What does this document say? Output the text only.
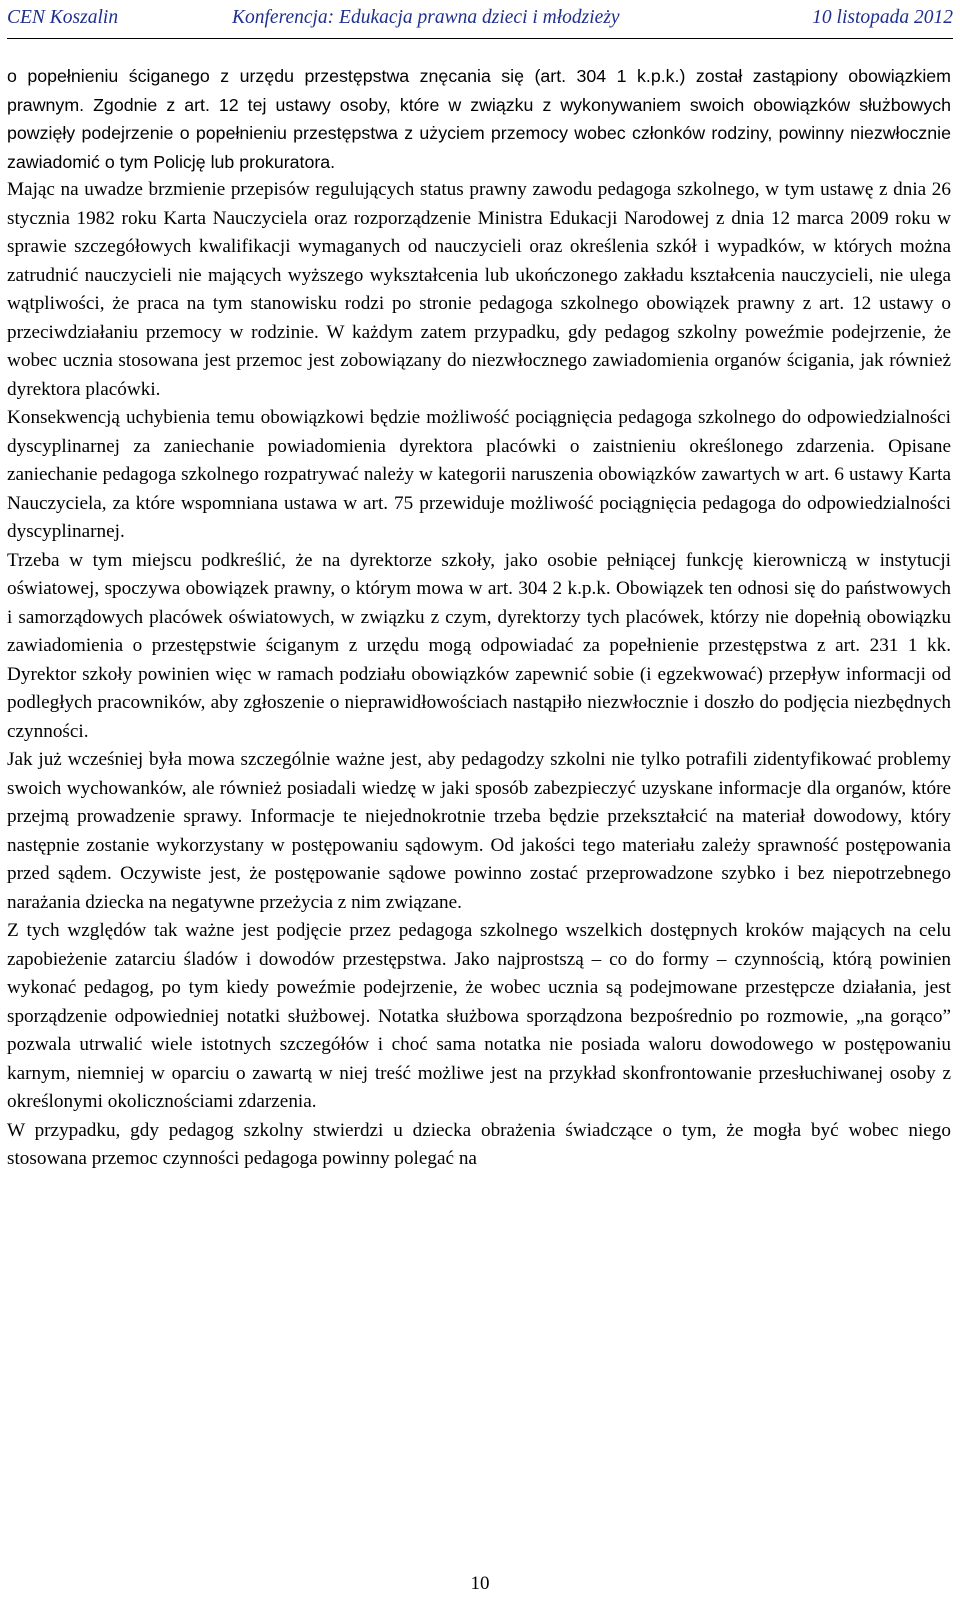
CEN Koszalin	Konferencja: Edukacja prawna dzieci i młodzieży	10 listopada 2012

o popełnieniu ściganego z urzędu przestępstwa znęcania się (art. 304 1 k.p.k.) został zastąpiony obowiązkiem prawnym. Zgodnie z art. 12 tej ustawy osoby, które w związku z wykonywaniem swoich obowiązków służbowych powzięły podejrzenie o popełnieniu przestępstwa z użyciem przemocy wobec członków rodziny, powinny niezwłocznie zawiadomić o tym Policję lub prokuratora.

Mając na uwadze brzmienie przepisów regulujących status prawny zawodu pedagoga szkolnego, w tym ustawę z dnia 26 stycznia 1982 roku Karta Nauczyciela oraz rozporządzenie Ministra Edukacji Narodowej z dnia 12 marca 2009 roku w sprawie szczegółowych kwalifikacji wymaganych od nauczycieli oraz określenia szkół i wypadków, w których można zatrudnić nauczycieli nie mających wyższego wykształcenia lub ukończonego zakładu kształcenia nauczycieli, nie ulega wątpliwości, że praca na tym stanowisku rodzi po stronie pedagoga szkolnego obowiązek prawny z art. 12 ustawy o przeciwdziałaniu przemocy w rodzinie. W każdym zatem przypadku, gdy pedagog szkolny poweźmie podejrzenie, że wobec ucznia stosowana jest przemoc jest zobowiązany do niezwłocznego zawiadomienia organów ścigania, jak również dyrektora placówki.

Konsekwencją uchybienia temu obowiązkowi będzie możliwość pociągnięcia pedagoga szkolnego do odpowiedzialności dyscyplinarnej za zaniechanie powiadomienia dyrektora placówki o zaistnieniu określonego zdarzenia. Opisane zaniechanie pedagoga szkolnego rozpatrywać należy w kategorii naruszenia obowiązków zawartych w art. 6 ustawy Karta Nauczyciela, za które wspomniana ustawa w art. 75 przewiduje możliwość pociągnięcia pedagoga do odpowiedzialności dyscyplinarnej.

Trzeba w tym miejscu podkreślić, że na dyrektorze szkoły, jako osobie pełniącej funkcję kierowniczą w instytucji oświatowej, spoczywa obowiązek prawny, o którym mowa w art. 304 2 k.p.k. Obowiązek ten odnosi się do państwowych i samorządowych placówek oświatowych, w związku z czym, dyrektorzy tych placówek, którzy nie dopełnią obowiązku zawiadomienia o przestępstwie ściganym z urzędu mogą odpowiadać za popełnienie przestępstwa z art. 231 1 kk. Dyrektor szkoły powinien więc w ramach podziału obowiązków zapewnić sobie (i egzekwować) przepływ informacji od podległych pracowników, aby zgłoszenie o nieprawidłowościach nastąpiło niezwłocznie i doszło do podjęcia niezbędnych czynności.

Jak już wcześniej była mowa szczególnie ważne jest, aby pedagodzy szkolni nie tylko potrafili zidentyfikować problemy swoich wychowanków, ale również posiadali wiedzę w jaki sposób zabezpieczyć uzyskane informacje dla organów, które przejmą prowadzenie sprawy. Informacje te niejednokrotnie trzeba będzie przekształcić na materiał dowodowy, który następnie zostanie wykorzystany w postępowaniu sądowym. Od jakości tego materiału zależy sprawność postępowania przed sądem. Oczywiste jest, że postępowanie sądowe powinno zostać przeprowadzone szybko i bez niepotrzebnego narażania dziecka na negatywne przeżycia z nim związane.

Z tych względów tak ważne jest podjęcie przez pedagoga szkolnego wszelkich dostępnych kroków mających na celu zapobieżenie zatarciu śladów i dowodów przestępstwa. Jako najprostszą – co do formy – czynnością, którą powinien wykonać pedagog, po tym kiedy poweźmie podejrzenie, że wobec ucznia są podejmowane przestępcze działania, jest sporządzenie odpowiedniej notatki służbowej. Notatka służbowa sporządzona bezpośrednio po rozmowie, „na gorąco” pozwala utrwalić wiele istotnych szczegółów i choć sama notatka nie posiada waloru dowodowego w postępowaniu karnym, niemniej w oparciu o zawartą w niej treść możliwe jest na przykład skonfrontowanie przesłuchiwanej osoby z określonymi okolicznościami zdarzenia.

W przypadku, gdy pedagog szkolny stwierdzi u dziecka obrażenia świadczące o tym, że mogła być wobec niego stosowana przemoc czynności pedagoga powinny polegać na

10
